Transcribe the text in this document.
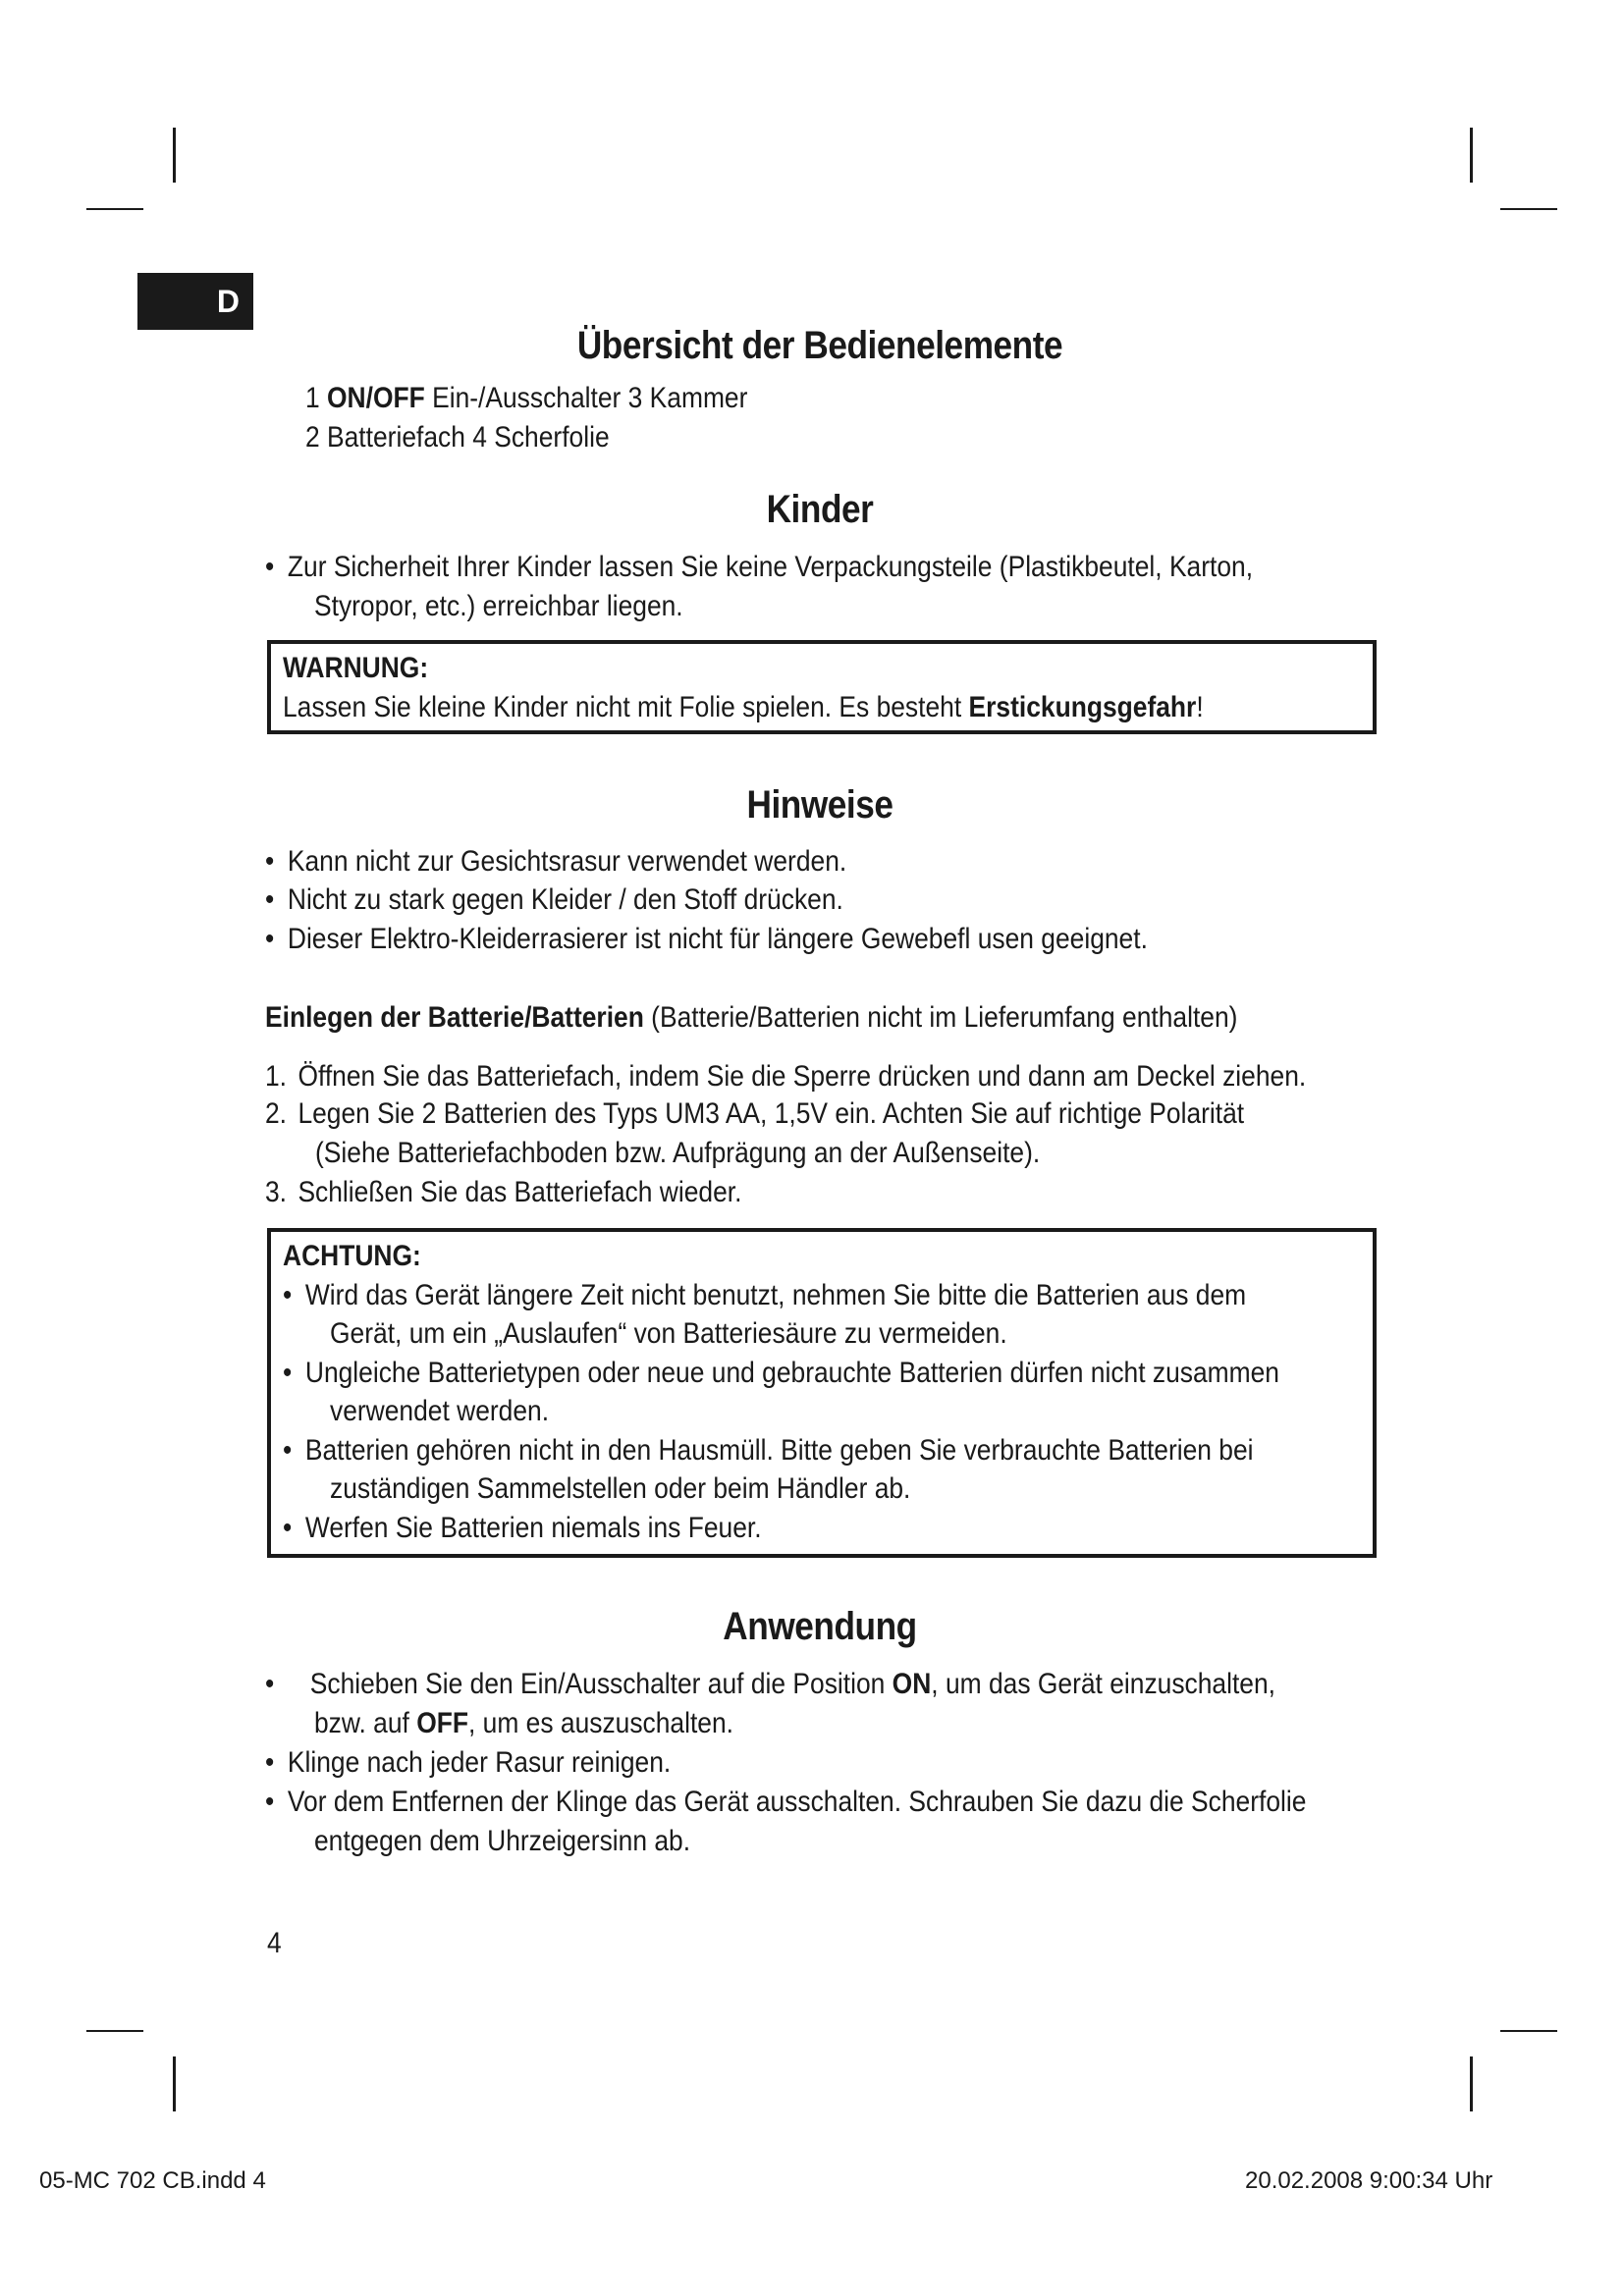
D
Übersicht der Bedienelemente
1 ON/OFF Ein-/Ausschalter 3 Kammer
2 Batteriefach 4 Scherfolie
Kinder
• Zur Sicherheit Ihrer Kinder lassen Sie keine Verpackungsteile (Plastikbeutel, Karton,
Styropor, etc.) erreichbar liegen.
WARNUNG:
Lassen Sie kleine Kinder nicht mit Folie spielen. Es besteht Erstickungsgefahr!
Hinweise
• Kann nicht zur Gesichtsrasur verwendet werden.
• Nicht zu stark gegen Kleider / den Stoff drücken.
• Dieser Elektro-Kleiderrasierer ist nicht für längere Gewebefl usen geeignet.
Einlegen der Batterie/Batterien (Batterie/Batterien nicht im Lieferumfang enthalten)
1. Öffnen Sie das Batteriefach, indem Sie die Sperre drücken und dann am Deckel ziehen.
2. Legen Sie 2 Batterien des Typs UM3 AA, 1,5V ein. Achten Sie auf richtige Polarität
(Siehe Batteriefachboden bzw. Aufprägung an der Außenseite).
3. Schließen Sie das Batteriefach wieder.
ACHTUNG:
• Wird das Gerät längere Zeit nicht benutzt, nehmen Sie bitte die Batterien aus dem
Gerät, um ein „Auslaufen“ von Batteriesäure zu vermeiden.
• Ungleiche Batterietypen oder neue und gebrauchte Batterien dürfen nicht zusammen
verwendet werden.
• Batterien gehören nicht in den Hausmüll. Bitte geben Sie verbrauchte Batterien bei
zuständigen Sammelstellen oder beim Händler ab.
• Werfen Sie Batterien niemals ins Feuer.
Anwendung
• Schieben Sie den Ein/Ausschalter auf die Position ON, um das Gerät einzuschalten,
bzw. auf OFF, um es auszuschalten.
• Klinge nach jeder Rasur reinigen.
• Vor dem Entfernen der Klinge das Gerät ausschalten. Schrauben Sie dazu die Scherfolie
entgegen dem Uhrzeigersinn ab.
4
05-MC 702 CB.indd 4	20.02.2008 9:00:34 Uhr
